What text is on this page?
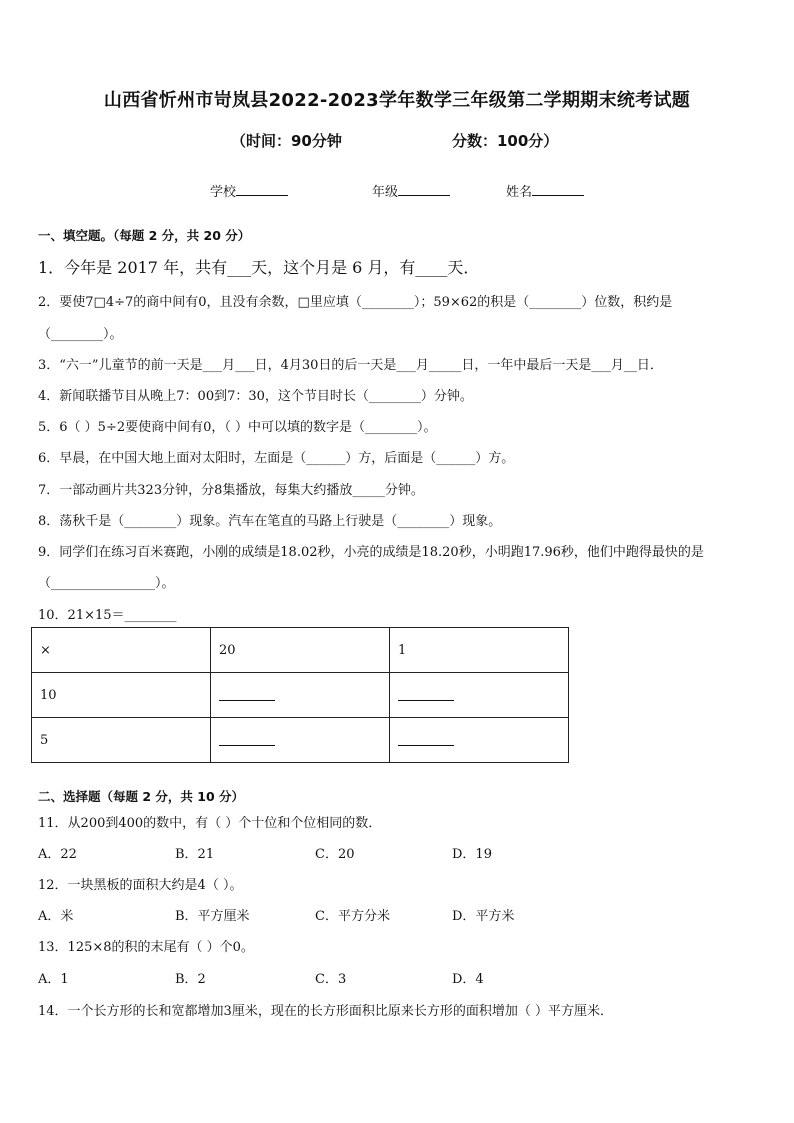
山西省忻州市岢岚县2022-2023学年数学三年级第二学期期末统考试题
（时间：90分钟	分数：100分）
学校	年级	姓名
一、填空题。（每题 2 分，共 20 分）
1．今年是 2017 年，共有___天，这个月是 6 月，有____天．
2．要使7□4÷7的商中间有0，且没有余数，□里应填（________）；59×62的积是（________）位数，积约是
（________）。
3．“六一”儿童节的前一天是___月___日，4月30日的后一天是___月_____日，一年中最后一天是___月__日．
4．新闻联播节目从晚上7：00到7：30，这个节目时长（________）分钟。
5．6（ ）5÷2要使商中间有0，（ ）中可以填的数字是（________）。
6．早晨，在中国大地上面对太阳时，左面是（______）方，后面是（______）方。
7．一部动画片共323分钟，分8集播放，每集大约播放_____分钟。
8．荡秋千是（________）现象。汽车在笔直的马路上行驶是（________）现象。
9．同学们在练习百米赛跑，小刚的成绩是18.02秒，小亮的成绩是18.20秒，小明跑17.96秒，他们中跑得最快的是
（________________）。
10．21×15＝________
×	20	1
10		
5		
二、选择题（每题 2 分，共 10 分）
11．从200到400的数中，有（ ）个十位和个位相同的数．
A．22	B．21	C．20	D．19
12．一块黑板的面积大约是4（ ）。
A．米	B．平方厘米	C．平方分米	D．平方米
13．125×8的积的末尾有（ ）个0。
A．1	B．2	C．3	D．4
14．一个长方形的长和宽都增加3厘米，现在的长方形面积比原来长方形的面积增加（ ）平方厘米．
